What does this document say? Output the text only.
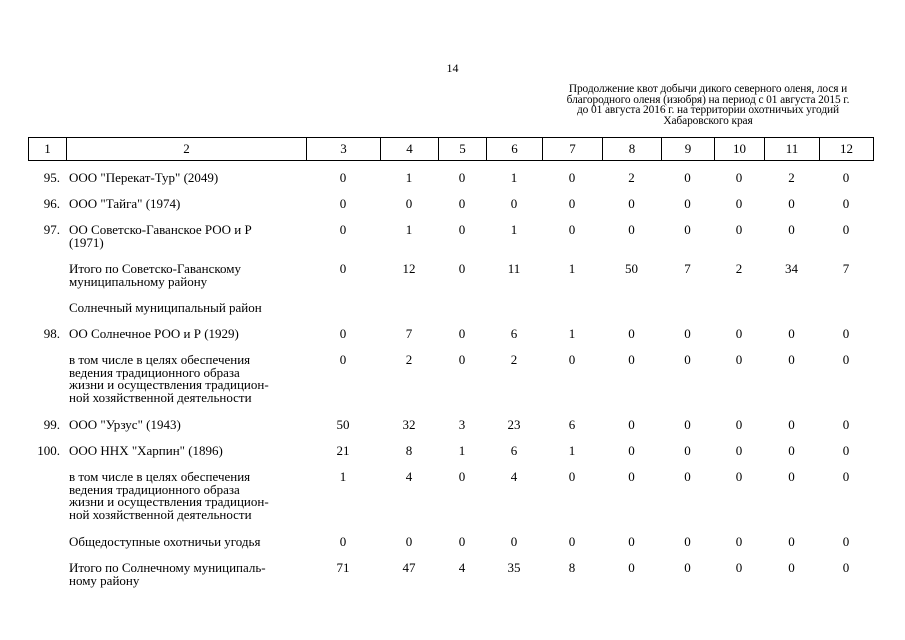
14
Продолжение квот добычи дикого северного оленя, лося и
благородного оленя (изюбря) на период с 01 августа 2015 г.
до 01 августа 2016 г. на территории охотничьих угодий
Хабаровского края
1	2	3	4	5	6	7	8	9	10	11	12
95.	ООО "Перекат-Тур" (2049)	0	1	0	1	0	2	0	0	2	0
96.	ООО "Тайга" (1974)	0	0	0	0	0	0	0	0	0	0
97.	ОО Советско-Гаванское РОО и Р
(1971)	0	1	0	1	0	0	0	0	0	0

	Итого по Советско-Гаванскому
муниципальному району	0	12	0	11	1	50	7	2	34	7

	Солнечный муниципальный район										

98.	ОО Солнечное РОО и Р (1929)	0	7	0	6	1	0	0	0	0	0

	в том числе в целях обеспечения
ведения традиционного образа
жизни и осуществления традицион-
ной хозяйственной деятельности	0	2	0	2	0	0	0	0	0	0
99.	ООО "Урзус" (1943)	50	32	3	23	6	0	0	0	0	0
100.	ООО ННХ "Харпин" (1896)	21	8	1	6	1	0	0	0	0	0

	в том числе в целях обеспечения
ведения традиционного образа
жизни и осуществления традицион-
ной хозяйственной деятельности	1	4	0	4	0	0	0	0	0	0

	Общедоступные охотничьи угодья	0	0	0	0	0	0	0	0	0	0

	Итого по Солнечному муниципаль-
ному району	71	47	4	35	8	0	0	0	0	0
